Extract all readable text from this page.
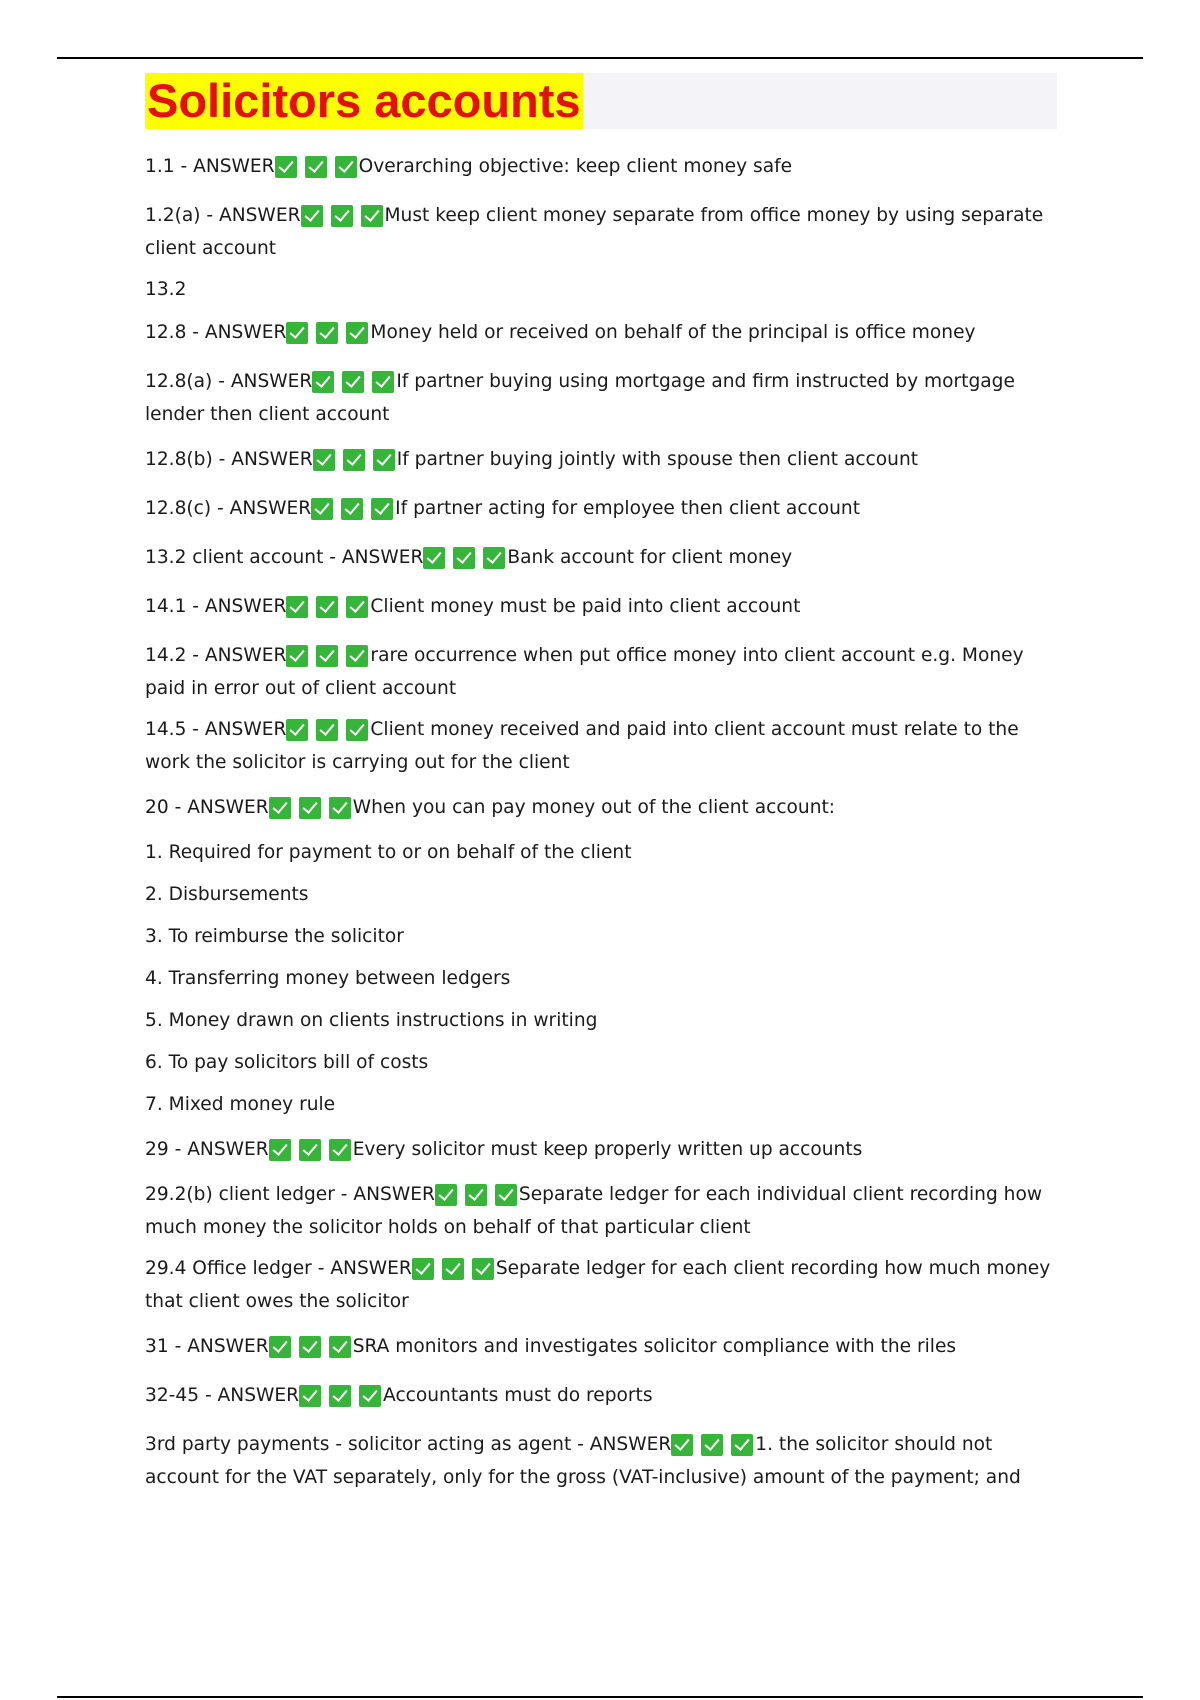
Solicitors accounts

1.1 - ANSWER	Overarching objective: keep client money safe

1.2(a) - ANSWER	Must keep client money separate from office money by using separate client account

13.2

12.8 - ANSWER	Money held or received on behalf of the principal is office money

12.8(a) - ANSWER	If partner buying using mortgage and firm instructed by mortgage lender then client account

12.8(b) - ANSWER	If partner buying jointly with spouse then client account

12.8(c) - ANSWER	If partner acting for employee then client account

13.2 client account - ANSWER	Bank account for client money

14.1 - ANSWER	Client money must be paid into client account

14.2 - ANSWER	rare occurrence when put office money into client account e.g. Money paid in error out of client account

14.5 - ANSWER	Client money received and paid into client account must relate to the work the solicitor is carrying out for the client

20 - ANSWER	When you can pay money out of the client account:

1. Required for payment to or on behalf of the client

2. Disbursements

3. To reimburse the solicitor

4. Transferring money between ledgers

5. Money drawn on clients instructions in writing

6. To pay solicitors bill of costs

7. Mixed money rule

29 - ANSWER	Every solicitor must keep properly written up accounts

29.2(b) client ledger - ANSWER	Separate ledger for each individual client recording how much money the solicitor holds on behalf of that particular client

29.4 Office ledger - ANSWER	Separate ledger for each client recording how much money that client owes the solicitor

31 - ANSWER	SRA monitors and investigates solicitor compliance with the riles

32-45 - ANSWER	Accountants must do reports

3rd party payments - solicitor acting as agent - ANSWER	1. the solicitor should not account for the VAT separately, only for the gross (VAT-inclusive) amount of the payment; and
